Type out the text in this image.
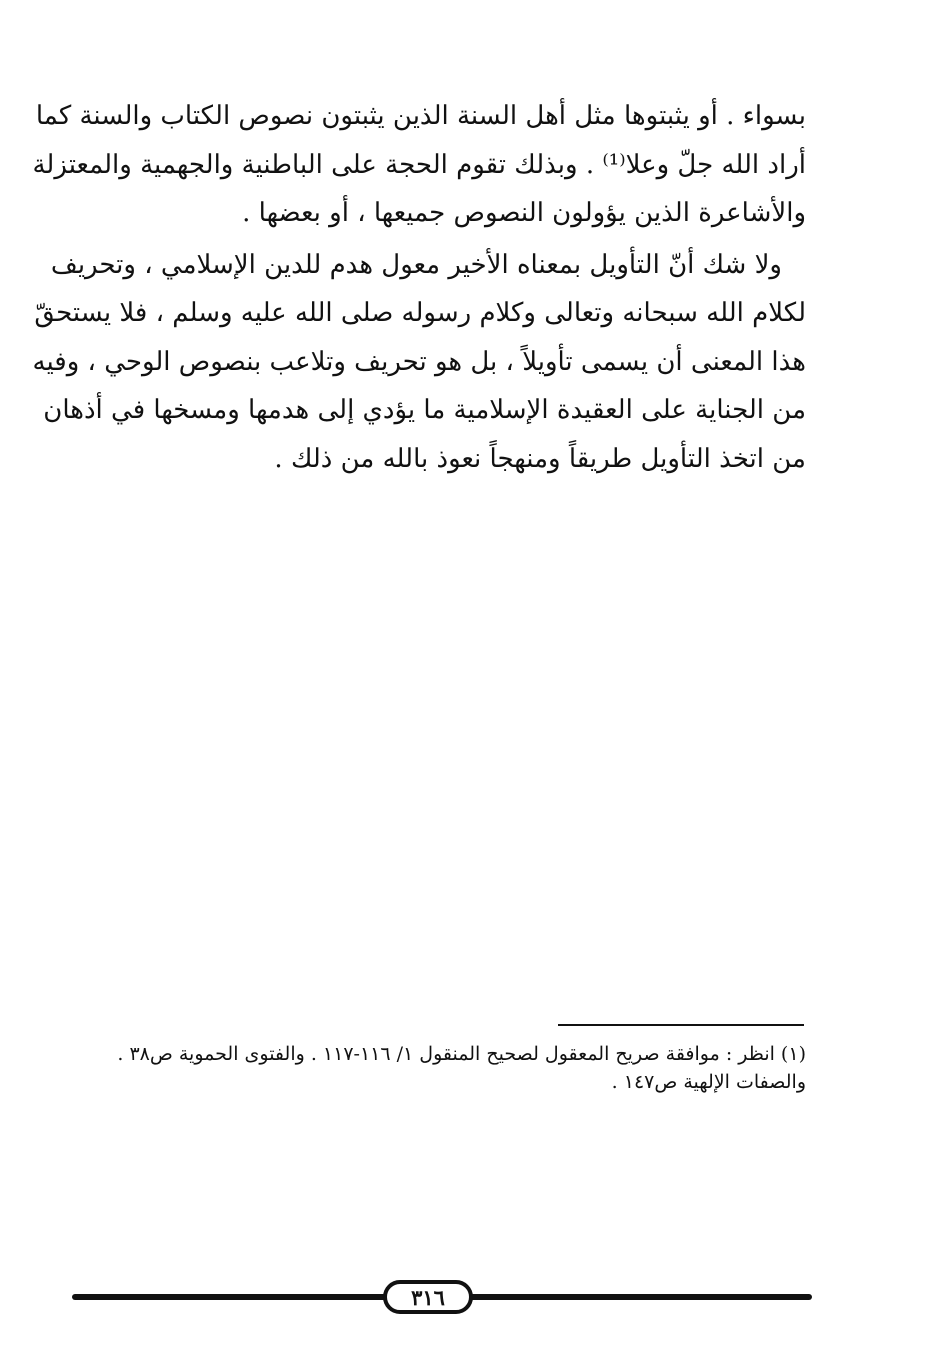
بسواء . أو يثبتوها مثل أهل السنة الذين يثبتون نصوص الكتاب والسنة كما
أراد الله جلّ وعلا⁽¹⁾ . وبذلك تقوم الحجة على الباطنية والجهمية والمعتزلة
والأشاعرة الذين يؤولون النصوص جميعها ، أو بعضها .
ولا شك أنّ التأويل بمعناه الأخير معول هدم للدين الإسلامي ، وتحريف
لكلام الله سبحانه وتعالى وكلام رسوله صلى الله عليه وسلم ، فلا يستحقّ
هذا المعنى أن يسمى تأويلاً ، بل هو تحريف وتلاعب بنصوص الوحي ، وفيه
من الجناية على العقيدة الإسلامية ما يؤدي إلى هدمها ومسخها في أذهان
من اتخذ التأويل طريقاً ومنهجاً نعوذ بالله من ذلك .
(١) انظر : موافقة صريح المعقول لصحيح المنقول ١/ ١١٦-١١٧ . والفتوى الحموية ص٣٨ .
والصفات الإلهية ص١٤٧ .
٣١٦
